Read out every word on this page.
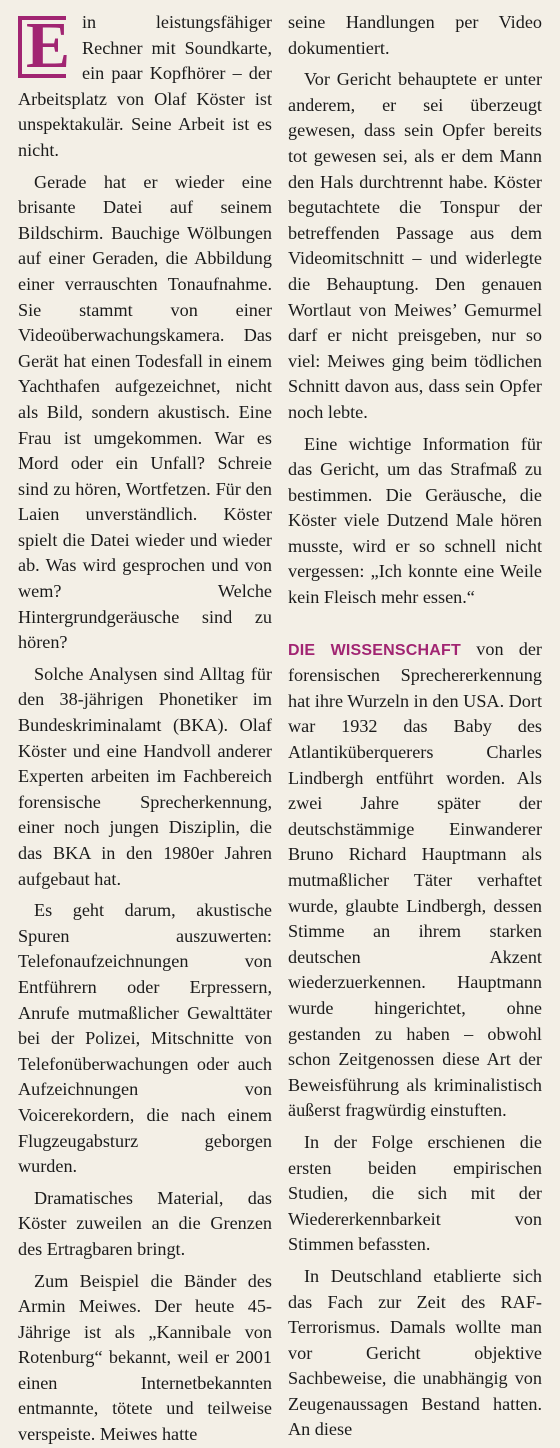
E in leistungsfähiger Rechner mit Soundkarte, ein paar Kopfhörer – der Arbeitsplatz von Olaf Köster ist unspektakulär. Seine Arbeit ist es nicht.

Gerade hat er wieder eine brisante Datei auf seinem Bildschirm. Bauchige Wölbungen auf einer Geraden, die Abbildung einer verrauschten Tonaufnahme. Sie stammt von einer Videoüberwachungskamera. Das Gerät hat einen Todesfall in einem Yachthafen aufgezeichnet, nicht als Bild, sondern akustisch. Eine Frau ist umgekommen. War es Mord oder ein Unfall? Schreie sind zu hören, Wortfetzen. Für den Laien unverständlich. Köster spielt die Datei wieder und wieder ab. Was wird gesprochen und von wem? Welche Hintergrundgeräusche sind zu hören?

Solche Analysen sind Alltag für den 38-jährigen Phonetiker im Bundeskriminalamt (BKA). Olaf Köster und eine Handvoll anderer Experten arbeiten im Fachbereich forensische Sprecherkennung, einer noch jungen Disziplin, die das BKA in den 1980er Jahren aufgebaut hat.

Es geht darum, akustische Spuren auszuwerten: Telefonaufzeichnungen von Entführern oder Erpressern, Anrufe mutmaßlicher Gewalttäter bei der Polizei, Mitschnitte von Telefonüberwachungen oder auch Aufzeichnungen von Voicerekordern, die nach einem Flugzeugabsturz geborgen wurden.

Dramatisches Material, das Köster zuweilen an die Grenzen des Ertragbaren bringt.

Zum Beispiel die Bänder des Armin Meiwes. Der heute 45-Jährige ist als „Kannibale von Rotenburg“ bekannt, weil er 2001 einen Internetbekannten entmannte, tötete und teilweise verspeiste. Meiwes hatte

seine Handlungen per Video dokumentiert.

Vor Gericht behauptete er unter anderem, er sei überzeugt gewesen, dass sein Opfer bereits tot gewesen sei, als er dem Mann den Hals durchtrennt habe. Köster begutachtete die Tonspur der betreffenden Passage aus dem Videomitschnitt – und widerlegte die Behauptung. Den genauen Wortlaut von Meiwes’ Gemurmel darf er nicht preisgeben, nur so viel: Meiwes ging beim tödlichen Schnitt davon aus, dass sein Opfer noch lebte.

Eine wichtige Information für das Gericht, um das Strafmaß zu bestimmen. Die Geräusche, die Köster viele Dutzend Male hören musste, wird er so schnell nicht vergessen: „Ich konnte eine Weile kein Fleisch mehr essen.“

DIE WISSENSCHAFT von der forensischen Sprechererkennung hat ihre Wurzeln in den USA. Dort war 1932 das Baby des Atlantiküberquerers Charles Lindbergh entführt worden. Als zwei Jahre später der deutschstämmige Einwanderer Bruno Richard Hauptmann als mutmaßlicher Täter verhaftet wurde, glaubte Lindbergh, dessen Stimme an ihrem starken deutschen Akzent wiederzuerkennen. Hauptmann wurde hingerichtet, ohne gestanden zu haben – obwohl schon Zeitgenossen diese Art der Beweisführung als kriminalistisch äußerst fragwürdig einstuften.

In der Folge erschienen die ersten beiden empirischen Studien, die sich mit der Wiedererkennbarkeit von Stimmen befassten.

In Deutschland etablierte sich das Fach zur Zeit des RAF-Terrorismus. Damals wollte man vor Gericht objektive Sachbeweise, die unabhängig von Zeugenaussagen Bestand hatten. An diese
